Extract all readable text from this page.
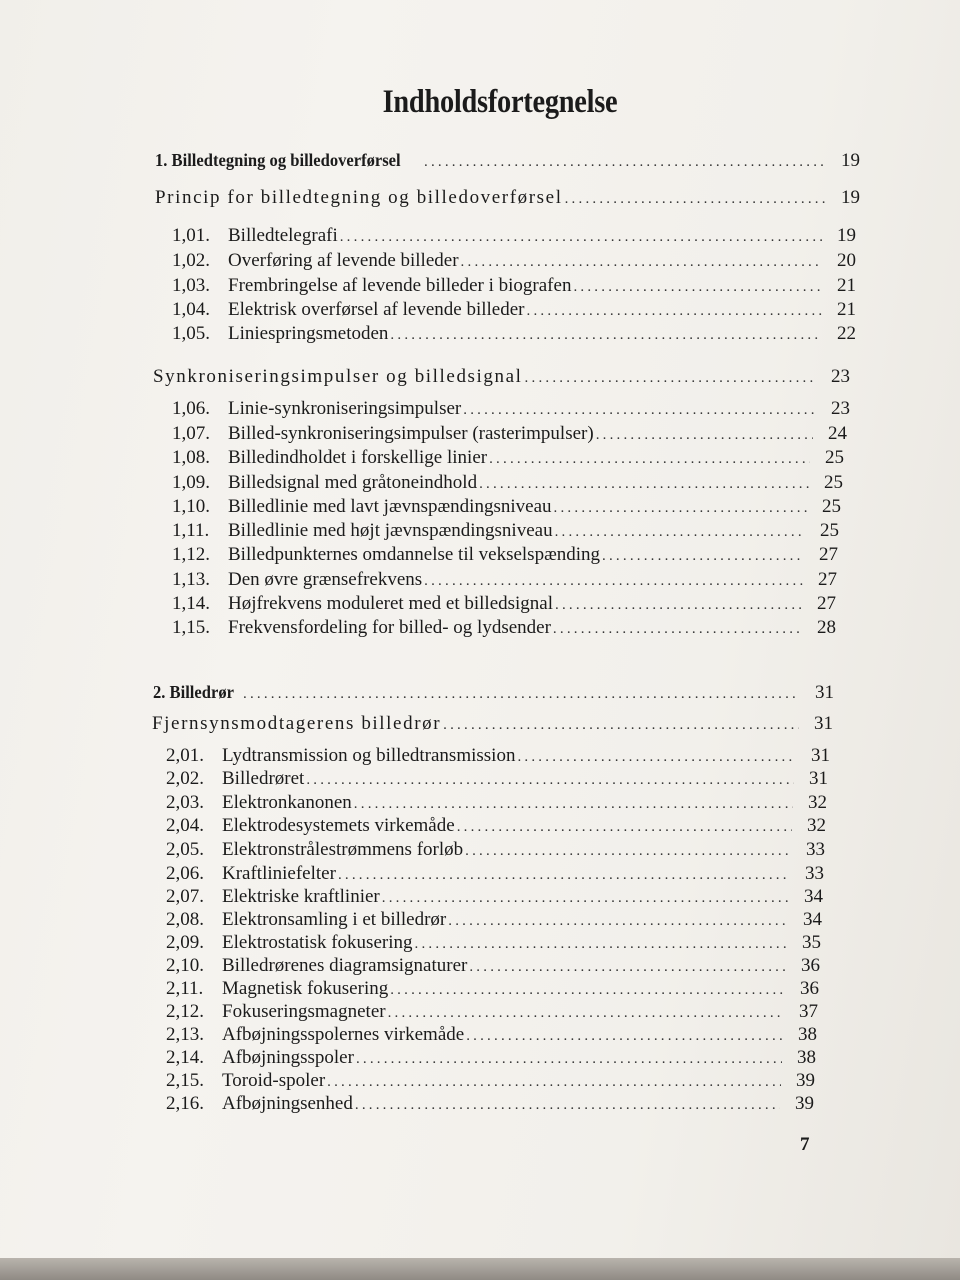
Indholdsfortegnelse
1. Billedtegning og billedoverførsel .....	19
Princip for billedtegning og billedoverførsel .....	19
1,01. Billedtelegrafi .....	19
1,02. Overføring af levende billeder .....	20
1,03. Frembringelse af levende billeder i biografen .....	21
1,04. Elektrisk overførsel af levende billeder .....	21
1,05. Liniespringsmetoden .....	22
Synkroniseringsimpulser og billedsignal .....	23
1,06. Linie-synkroniseringsimpulser .....	23
1,07. Billed-synkroniseringsimpulser (rasterimpulser) .....	24
1,08. Billedindholdet i forskellige linier .....	25
1,09. Billedsignal med gråtoneindhold .....	25
1,10. Billedlinie med lavt jævnspændingsniveau .....	25
1,11. Billedlinie med højt jævnspændingsniveau .....	25
1,12. Billedpunkternes omdannelse til vekselspænding .....	27
1,13. Den øvre grænsefrekvens .....	27
1,14. Højfrekvens moduleret med et billedsignal .....	27
1,15. Frekvensfordeling for billed- og lydsender .....	28
2. Billedrør .....	31
Fjernsynsmodtagerens billedrør .....	31
2,01. Lydtransmission og billedtransmission .....	31
2,02. Billedrøret .....	31
2,03. Elektronkanonen .....	32
2,04. Elektrodesystemets virkemåde .....	32
2,05. Elektronstrålestrømmens forløb .....	33
2,06. Kraftliniefelter .....	33
2,07. Elektriske kraftlinier .....	34
2,08. Elektronsamling i et billedrør .....	34
2,09. Elektrostatisk fokusering .....	35
2,10. Billedrørenes diagramsignaturer .....	36
2,11. Magnetisk fokusering .....	36
2,12. Fokuseringsmagneter .....	37
2,13. Afbøjningsspolernes virkemåde .....	38
2,14. Afbøjningsspoler .....	38
2,15. Toroid-spoler .....	39
2,16. Afbøjningsenhed .....	39
7
